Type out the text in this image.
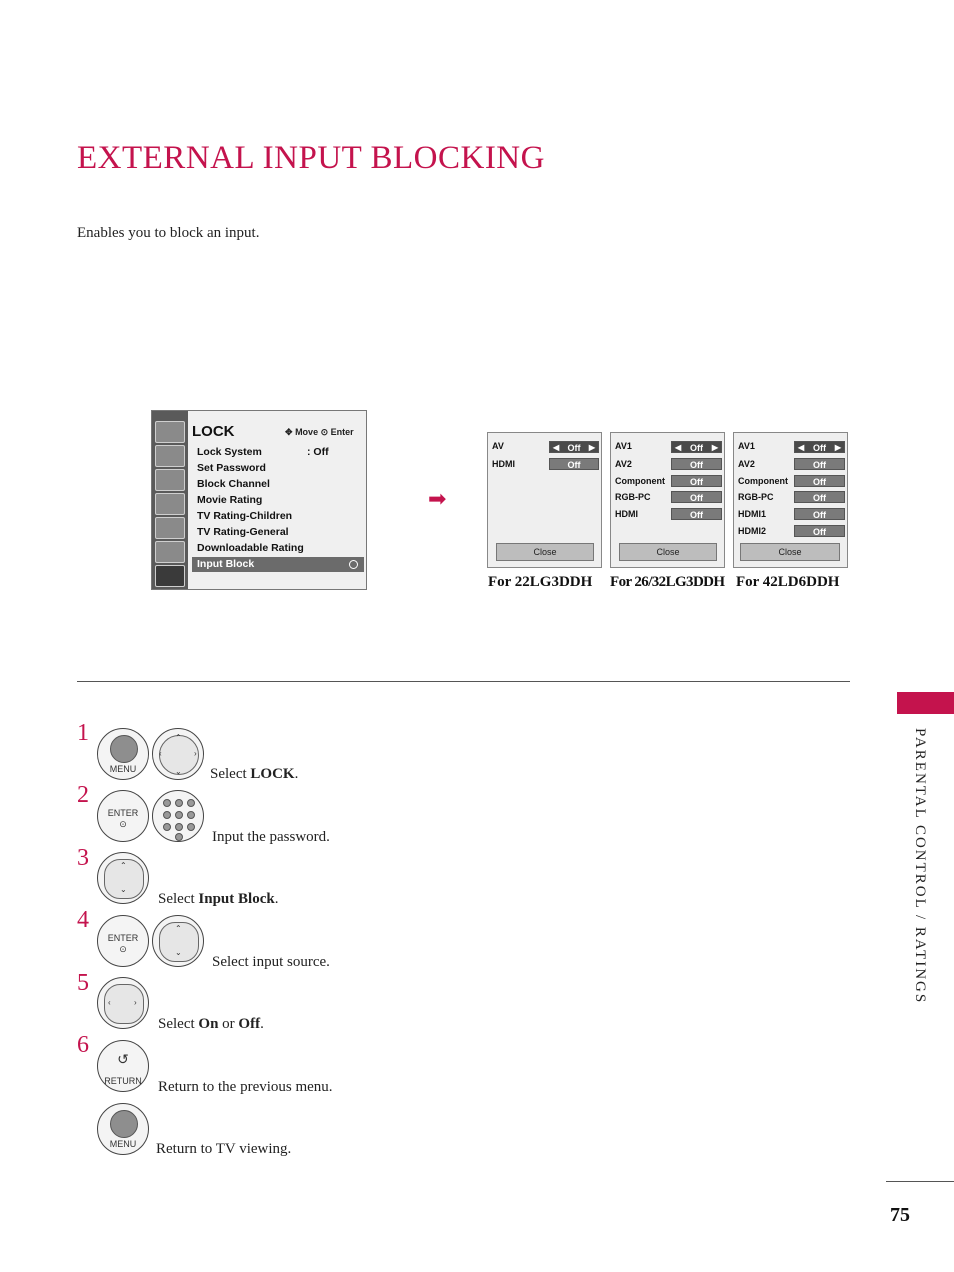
EXTERNAL INPUT BLOCKING
Enables you to block an input.
LOCK	✥ Move ⊙ Enter
Lock System	: Off
Set Password
Block Channel
Movie Rating
TV Rating-Children
TV Rating-General
Downloadable Rating
Input Block
➡
AV	◀ Off ▶
HDMI	Off
Close
For 22LG3DDH
AV1	◀ Off ▶
AV2	Off
Component	Off
RGB-PC	Off
HDMI	Off
Close
For 26/32LG3DDH
AV1	◀ Off ▶
AV2	Off
Component	Off
RGB-PC	Off
HDMI1	Off
HDMI2	Off
Close
For 42LD6DDH
1
MENU
⌃
⌄
‹	›
Select LOCK.
2
ENTER
⊙
Input the password.
3	⌃
⌄
Select Input Block.
4
ENTER
⊙
⌃
⌄
Select input source.
5
‹	›
Select On or Off.
6
↺
RETURN	Return to the previous menu.
MENU	Return to TV viewing.
PARENTAL CONTROL / RATINGS
75
